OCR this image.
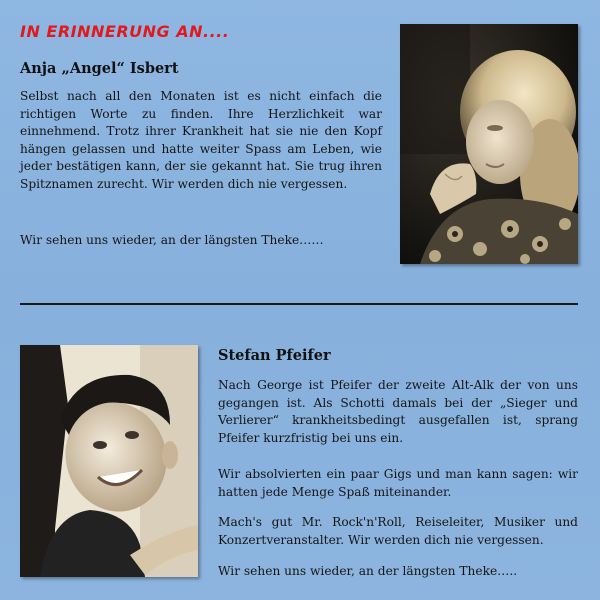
IN ERINNERUNG AN....
Anja „Angel“ Isbert

Selbst nach all den Monaten ist es nicht einfach die richtigen Worte zu finden. Ihre Herzlichkeit war einnehmend. Trotz ihrer Krankheit hat sie nie den Kopf hängen gelassen und hatte weiter Spass am Leben, wie jeder bestätigen kann, der sie gekannt hat. Sie trug ihren Spitznamen zurecht. Wir werden dich nie vergessen.

Wir sehen uns wieder, an der längsten Theke……

Stefan Pfeifer

Nach George ist Pfeifer der zweite Alt-Alk der von uns gegangen ist. Als Schotti damals bei der „Sieger und Verlierer“ krankheitsbedingt ausgefallen ist, sprang Pfeifer kurzfristig bei uns ein.

Wir absolvierten ein paar Gigs und man kann sagen: wir hatten jede Menge Spaß miteinander.

Mach's gut Mr. Rock'n'Roll, Reiseleiter, Musiker und Konzertveranstalter. Wir werden dich nie vergessen.

Wir sehen uns wieder, an der längsten Theke…..
